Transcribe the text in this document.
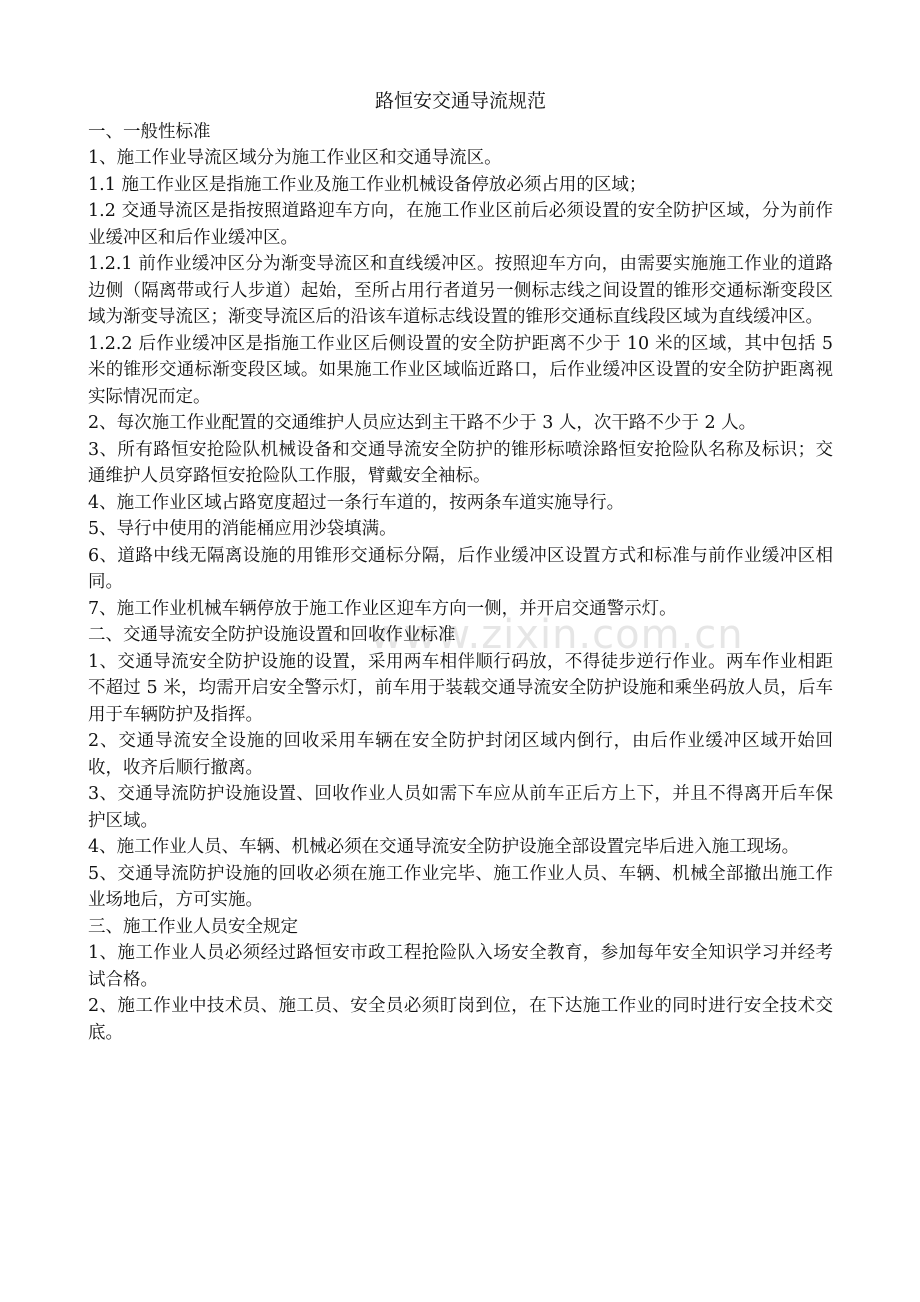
www.zixin.com.cn
路恒安交通导流规范

一、一般性标准

1、施工作业导流区域分为施工作业区和交通导流区。

1.1 施工作业区是指施工作业及施工作业机械设备停放必须占用的区域；

1.2 交通导流区是指按照道路迎车方向，在施工作业区前后必须设置的安全防护区域，分为前作业缓冲区和后作业缓冲区。

1.2.1 前作业缓冲区分为渐变导流区和直线缓冲区。按照迎车方向，由需要实施施工作业的道路边侧（隔离带或行人步道）起始，至所占用行者道另一侧标志线之间设置的锥形交通标渐变段区域为渐变导流区；渐变导流区后的沿该车道标志线设置的锥形交通标直线段区域为直线缓冲区。

1.2.2 后作业缓冲区是指施工作业区后侧设置的安全防护距离不少于 10 米的区域，其中包括 5 米的锥形交通标渐变段区域。如果施工作业区域临近路口，后作业缓冲区设置的安全防护距离视实际情况而定。

2、每次施工作业配置的交通维护人员应达到主干路不少于 3 人，次干路不少于 2 人。

3、所有路恒安抢险队机械设备和交通导流安全防护的锥形标喷涂路恒安抢险队名称及标识；交通维护人员穿路恒安抢险队工作服，臂戴安全袖标。

4、施工作业区域占路宽度超过一条行车道的，按两条车道实施导行。

5、导行中使用的消能桶应用沙袋填满。

6、道路中线无隔离设施的用锥形交通标分隔，后作业缓冲区设置方式和标准与前作业缓冲区相同。

7、施工作业机械车辆停放于施工作业区迎车方向一侧，并开启交通警示灯。

二、交通导流安全防护设施设置和回收作业标准

1、交通导流安全防护设施的设置，采用两车相伴顺行码放，不得徒步逆行作业。两车作业相距不超过 5 米，均需开启安全警示灯，前车用于装载交通导流安全防护设施和乘坐码放人员，后车用于车辆防护及指挥。

2、交通导流安全设施的回收采用车辆在安全防护封闭区域内倒行，由后作业缓冲区域开始回收，收齐后顺行撤离。

3、交通导流防护设施设置、回收作业人员如需下车应从前车正后方上下，并且不得离开后车保护区域。

4、施工作业人员、车辆、机械必须在交通导流安全防护设施全部设置完毕后进入施工现场。

5、交通导流防护设施的回收必须在施工作业完毕、施工作业人员、车辆、机械全部撤出施工作业场地后，方可实施。

三、施工作业人员安全规定

1、施工作业人员必须经过路恒安市政工程抢险队入场安全教育，参加每年安全知识学习并经考试合格。

2、施工作业中技术员、施工员、安全员必须盯岗到位，在下达施工作业的同时进行安全技术交底。
